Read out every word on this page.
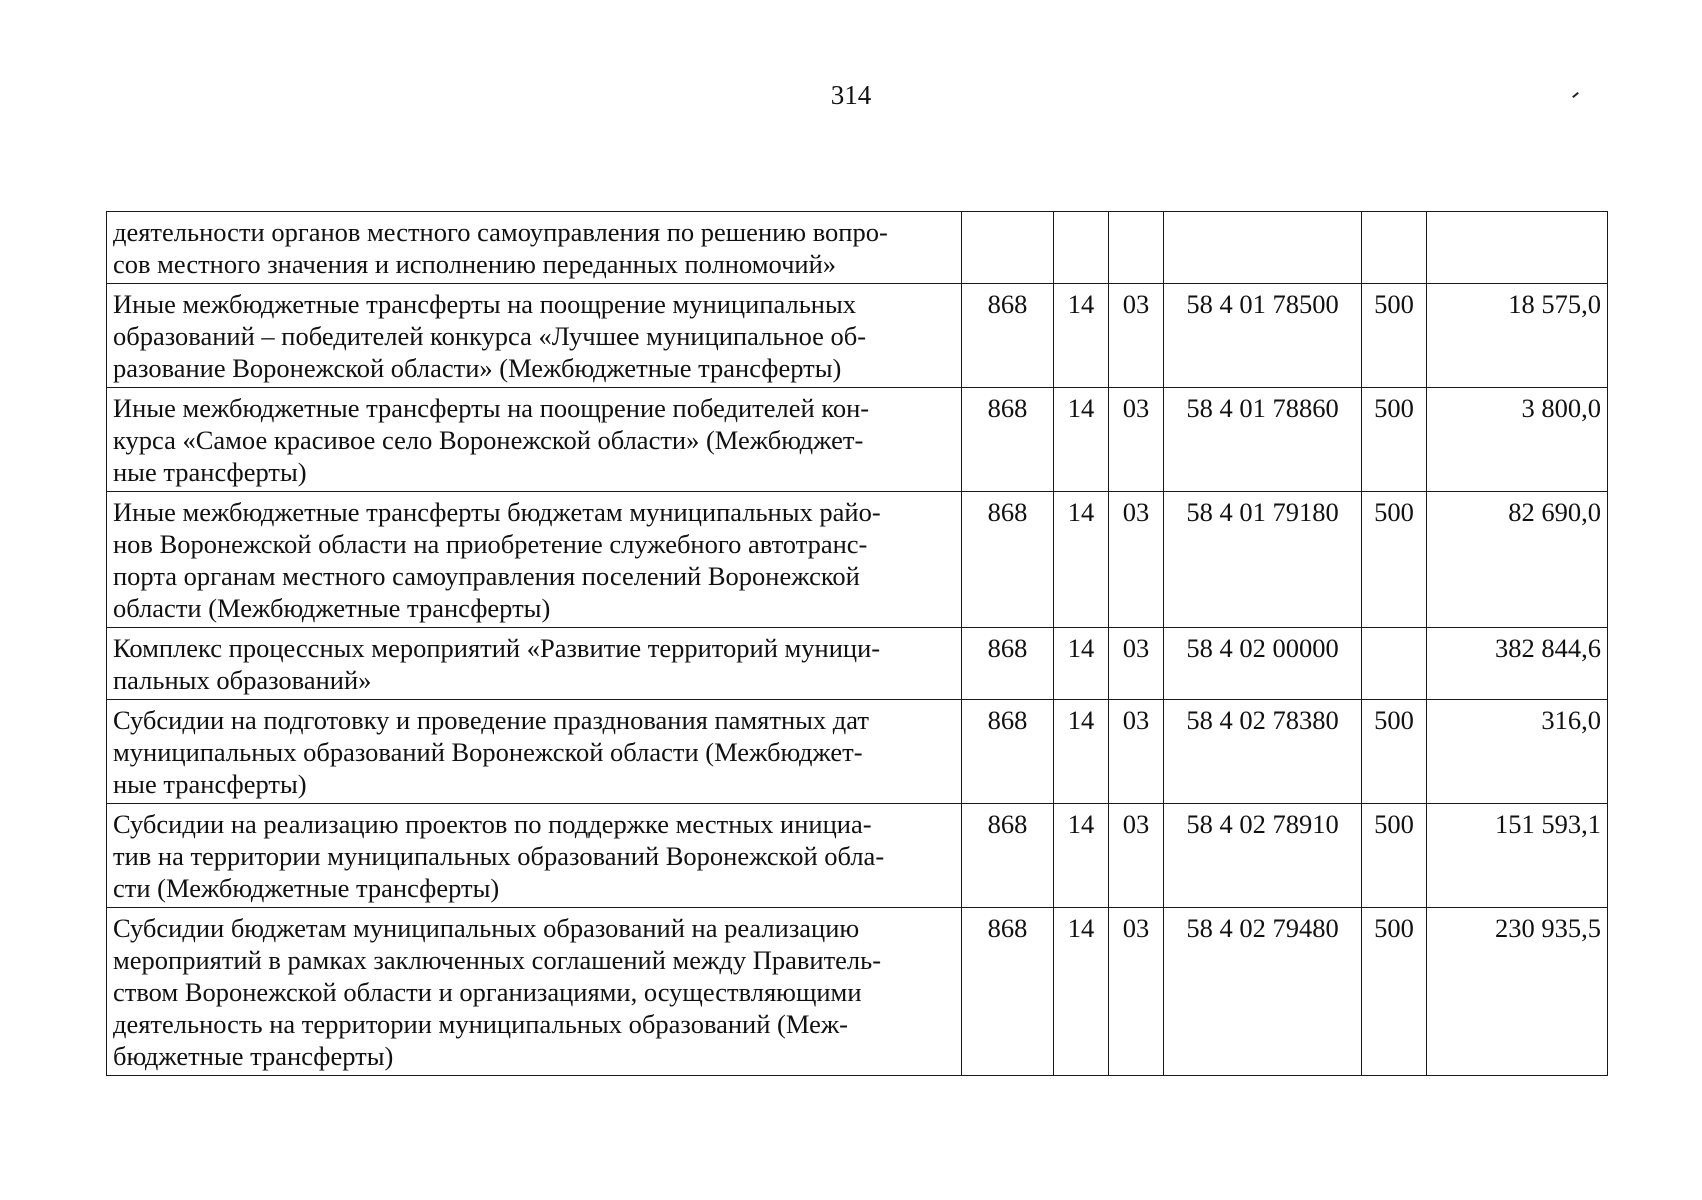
314
деятельности органов местного самоуправления по решению вопро-
сов местного значения и исполнению переданных полномочий»						
Иные межбюджетные трансферты на поощрение муниципальных
образований – победителей конкурса «Лучшее муниципальное об-
разование Воронежской области» (Межбюджетные трансферты)	868	14	03	58 4 01 78500	500	18 575,0
Иные межбюджетные трансферты на поощрение победителей кон-
курса «Самое красивое село Воронежской области» (Межбюджет-
ные трансферты)	868	14	03	58 4 01 78860	500	3 800,0
Иные межбюджетные трансферты бюджетам муниципальных райо-
нов Воронежской области на приобретение служебного автотранс-
порта органам местного самоуправления поселений Воронежской
области (Межбюджетные трансферты)	868	14	03	58 4 01 79180	500	82 690,0
Комплекс процессных мероприятий «Развитие территорий муници-
пальных образований»	868	14	03	58 4 02 00000		382 844,6
Субсидии на подготовку и проведение празднования памятных дат
муниципальных образований Воронежской области (Межбюджет-
ные трансферты)	868	14	03	58 4 02 78380	500	316,0
Субсидии на реализацию проектов по поддержке местных инициа-
тив на территории муниципальных образований Воронежской обла-
сти (Межбюджетные трансферты)	868	14	03	58 4 02 78910	500	151 593,1
Субсидии бюджетам муниципальных образований на реализацию
мероприятий в рамках заключенных соглашений между Правитель-
ством Воронежской области и организациями, осуществляющими
деятельность на территории муниципальных образований (Меж-
бюджетные трансферты)	868	14	03	58 4 02 79480	500	230 935,5
